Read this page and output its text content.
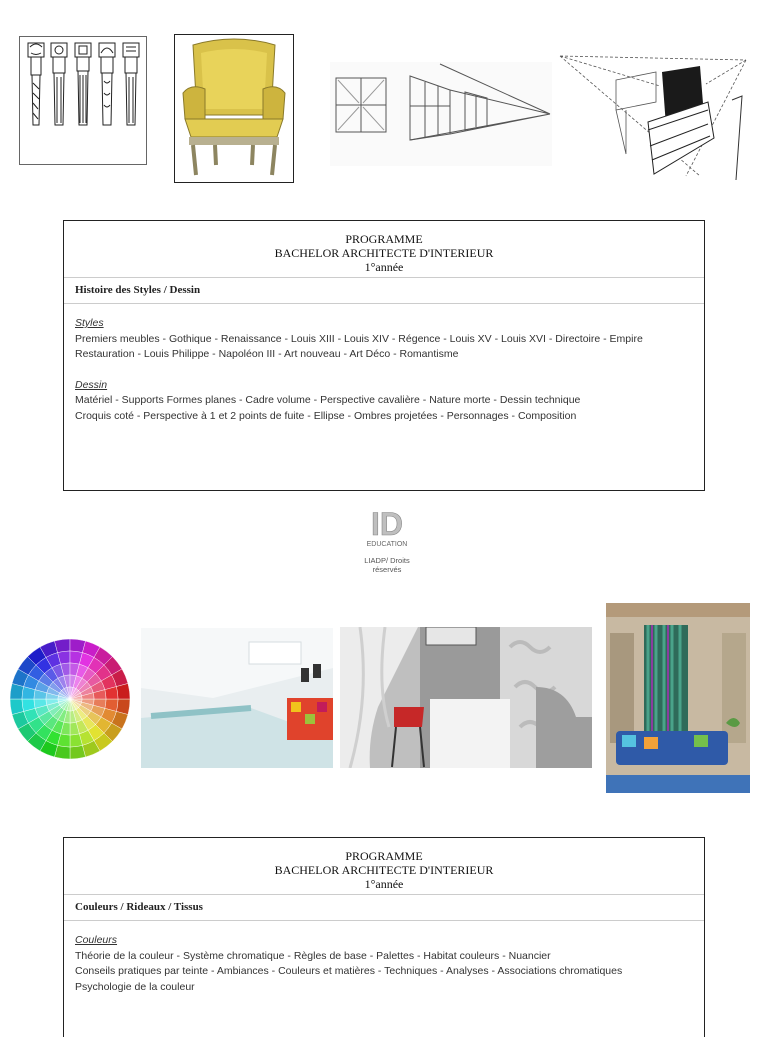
PROGRAMME
BACHELOR ARCHITECTE D'INTERIEUR
1°année
Histoire des Styles / Dessin
Styles
Premiers meubles - Gothique - Renaissance - Louis XIII - Louis XIV - Régence - Louis XV - Louis XVI - Directoire - Empire
Restauration - Louis Philippe - Napoléon III - Art nouveau - Art Déco - Romantisme
Dessin
Matériel - Supports Formes planes - Cadre volume - Perspective cavalière - Nature morte - Dessin technique
Croquis coté - Perspective à 1 et 2 points de fuite - Ellipse - Ombres projetées - Personnages - Composition
ID
EDUCATION
LIADP/ Droits réservés
PROGRAMME
BACHELOR ARCHITECTE D'INTERIEUR
1°année
Couleurs / Rideaux / Tissus
Couleurs
Théorie de la couleur - Système chromatique - Règles de base - Palettes - Habitat couleurs - Nuancier
Conseils pratiques par teinte - Ambiances - Couleurs et matières - Techniques - Analyses - Associations chromatiques
Psychologie de la couleur
